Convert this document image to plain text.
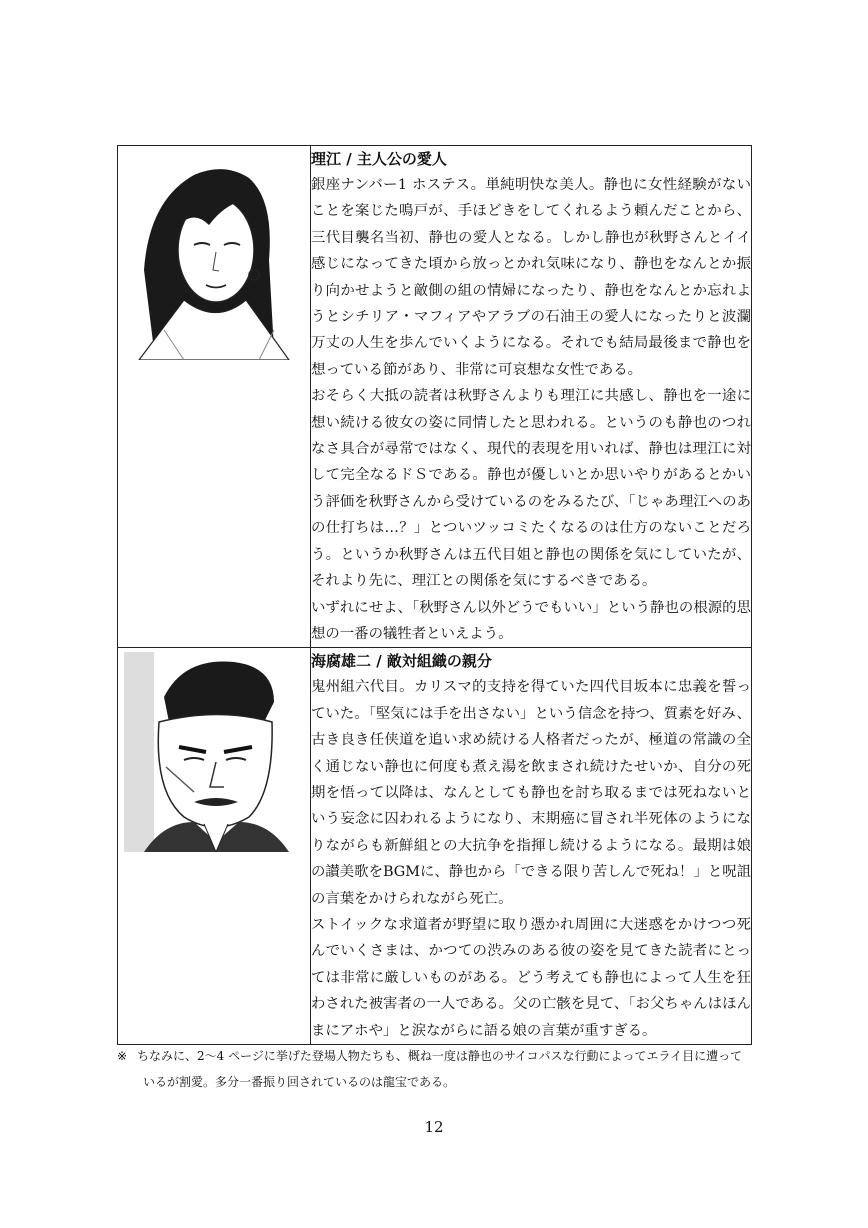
理江 / 主人公の愛人

銀座ナンバー1 ホステス。単純明快な美人。静也に女性経験がないことを案じた鳴戸が、手ほどきをしてくれるよう頼んだことから、三代目襲名当初、静也の愛人となる。しかし静也が秋野さんとイイ感じになってきた頃から放っとかれ気味になり、静也をなんとか振り向かせようと敵側の組の情婦になったり、静也をなんとか忘れようとシチリア・マフィアやアラブの石油王の愛人になったりと波瀾万丈の人生を歩んでいくようになる。それでも結局最後まで静也を想っている節があり、非常に可哀想な女性である。

おそらく大抵の読者は秋野さんよりも理江に共感し、静也を一途に想い続ける彼女の姿に同情したと思われる。というのも静也のつれなさ具合が尋常ではなく、現代的表現を用いれば、静也は理江に対して完全なるドＳである。静也が優しいとか思いやりがあるとかいう評価を秋野さんから受けているのをみるたび、「じゃあ理江へのあの仕打ちは…？」とついツッコミたくなるのは仕方のないことだろう。というか秋野さんは五代目姐と静也の関係を気にしていたが、それより先に、理江との関係を気にするべきである。

いずれにせよ、「秋野さん以外どうでもいい」という静也の根源的思想の一番の犠牲者といえよう。

海腐雄二 / 敵対組織の親分

鬼州組六代目。カリスマ的支持を得ていた四代目坂本に忠義を誓っていた。「堅気には手を出さない」という信念を持つ、質素を好み、古き良き任侠道を追い求め続ける人格者だったが、極道の常識の全く通じない静也に何度も煮え湯を飲まされ続けたせいか、自分の死期を悟って以降は、なんとしても静也を討ち取るまでは死ねないという妄念に囚われるようになり、末期癌に冒され半死体のようになりながらも新鮮組との大抗争を指揮し続けるようになる。最期は娘の讃美歌をBGMに、静也から「できる限り苦しんで死ね！」と呪詛の言葉をかけられながら死亡。

ストイックな求道者が野望に取り憑かれ周囲に大迷惑をかけつつ死んでいくさまは、かつての渋みのある彼の姿を見てきた読者にとっては非常に厳しいものがある。どう考えても静也によって人生を狂わされた被害者の一人である。父の亡骸を見て、「お父ちゃんはほんまにアホや」と涙ながらに語る娘の言葉が重すぎる。

※ ちなみに、2～4 ページに挙げた登場人物たちも、概ね一度は静也のサイコパスな行動によってエライ目に遭って
いるが割愛。多分一番振り回されているのは龍宝である。

12
